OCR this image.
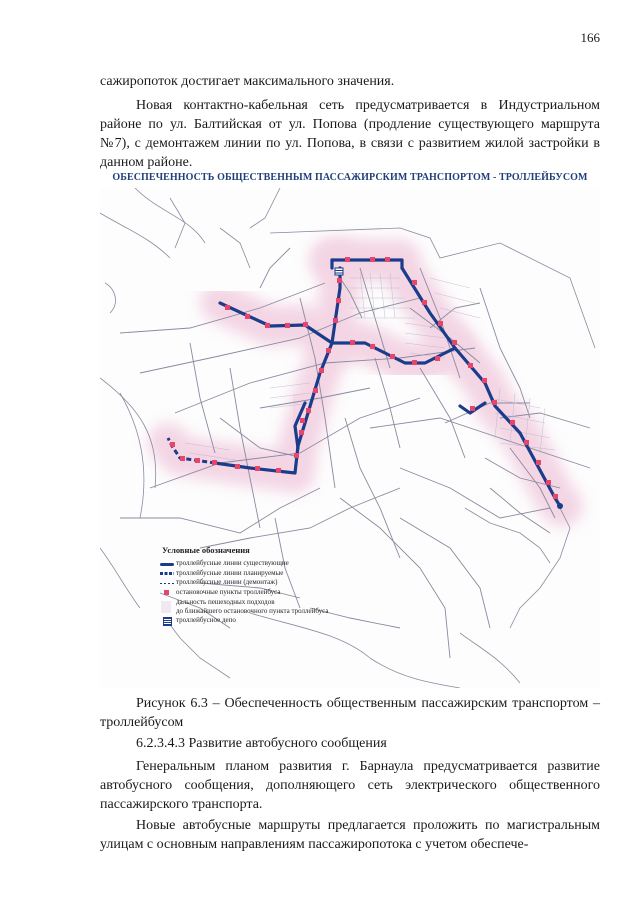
166

сажиропоток достигает максимального значения.

Новая контактно-кабельная сеть предусматривается в Индустриальном районе по ул. Балтийская от ул. Попова (продление существующего маршрута №7), с демонтажем линии по ул. Попова, в связи с развитием жилой застройки в данном районе.

ОБЕСПЕЧЕННОСТЬ ОБЩЕСТВЕННЫМ ПАССАЖИРСКИМ ТРАНСПОРТОМ - ТРОЛЛЕЙБУСОМ
Условные обозначения
троллейбусные линии существующие
троллейбусные линии планируемые
троллейбусные линии (демонтаж)
остановочные пункты троллейбуса
дальность пешеходных подходов
до ближайшего остановочного пункта троллейбуса
троллейбусное депо

Рисунок 6.3 – Обеспеченность общественным пассажирским транспортом – троллейбусом

6.2.3.4.3 Развитие автобусного сообщения

Генеральным планом развития г. Барнаула предусматривается развитие автобусного сообщения, дополняющего сеть электрического общественного пассажирского транспорта.

Новые автобусные маршруты предлагается проложить по магистральным улицам с основным направлениям пассажиропотока с учетом обеспече-
